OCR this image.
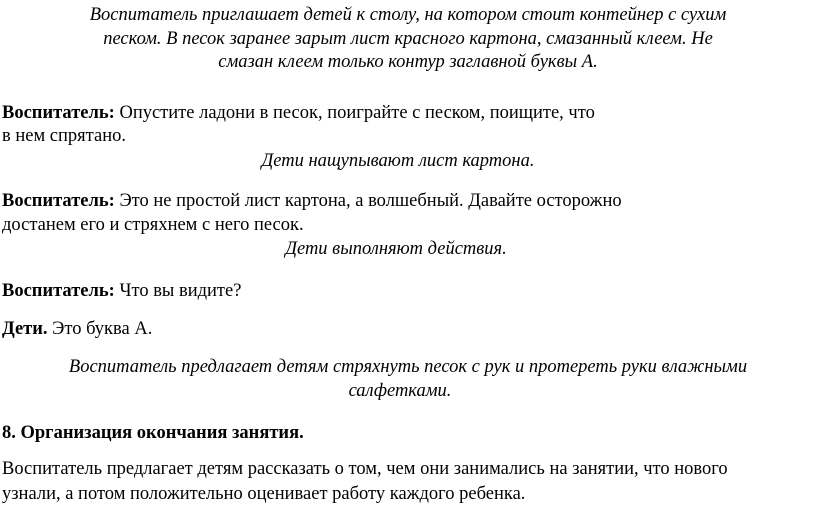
Воспитатель приглашает детей к столу, на котором стоит контейнер с сухим
песком. В песок заранее зарыт лист красного картона, смазанный клеем. Не
смазан клеем только контур заглавной буквы А.
Воспитатель: Опустите ладони в песок, поиграйте с песком, поищите, что
в нем спрятано.
Дети нащупывают лист картона.
Воспитатель: Это не простой лист картона, а волшебный. Давайте осторожно
достанем его и стряхнем с него песок.
Дети выполняют действия.
Воспитатель: Что вы видите?
Дети. Это буква А.
Воспитатель предлагает детям стряхнуть песок с рук и протереть руки влажными
салфетками.
8. Организация окончания занятия.
Воспитатель предлагает детям рассказать о том, чем они занимались на занятии, что нового
узнали, а потом положительно оценивает работу каждого ребенка.
